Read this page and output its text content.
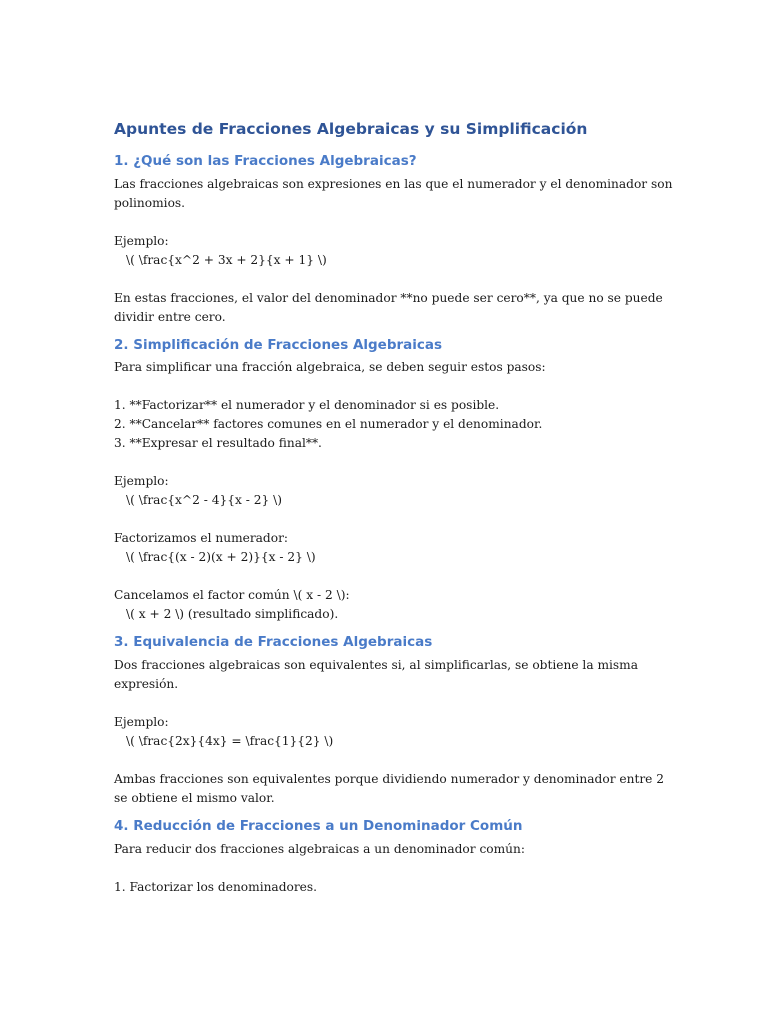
Apuntes de Fracciones Algebraicas y su Simplificación
1. ¿Qué son las Fracciones Algebraicas?

Las fracciones algebraicas son expresiones en las que el numerador y el denominador son polinomios.

Ejemplo:

\( \frac{x^2 + 3x + 2}{x + 1} \)

En estas fracciones, el valor del denominador **no puede ser cero**, ya que no se puede dividir entre cero.

2. Simplificación de Fracciones Algebraicas

Para simplificar una fracción algebraica, se deben seguir estos pasos:

1. **Factorizar** el numerador y el denominador si es posible.

2. **Cancelar** factores comunes en el numerador y el denominador.

3. **Expresar el resultado final**.

Ejemplo:

\( \frac{x^2 - 4}{x - 2} \)

Factorizamos el numerador:

\( \frac{(x - 2)(x + 2)}{x - 2} \)

Cancelamos el factor común \( x - 2 \):

\( x + 2 \) (resultado simplificado).

3. Equivalencia de Fracciones Algebraicas

Dos fracciones algebraicas son equivalentes si, al simplificarlas, se obtiene la misma expresión.

Ejemplo:

\( \frac{2x}{4x} = \frac{1}{2} \)

Ambas fracciones son equivalentes porque dividiendo numerador y denominador entre 2 se obtiene el mismo valor.

4. Reducción de Fracciones a un Denominador Común

Para reducir dos fracciones algebraicas a un denominador común:

1. Factorizar los denominadores.
